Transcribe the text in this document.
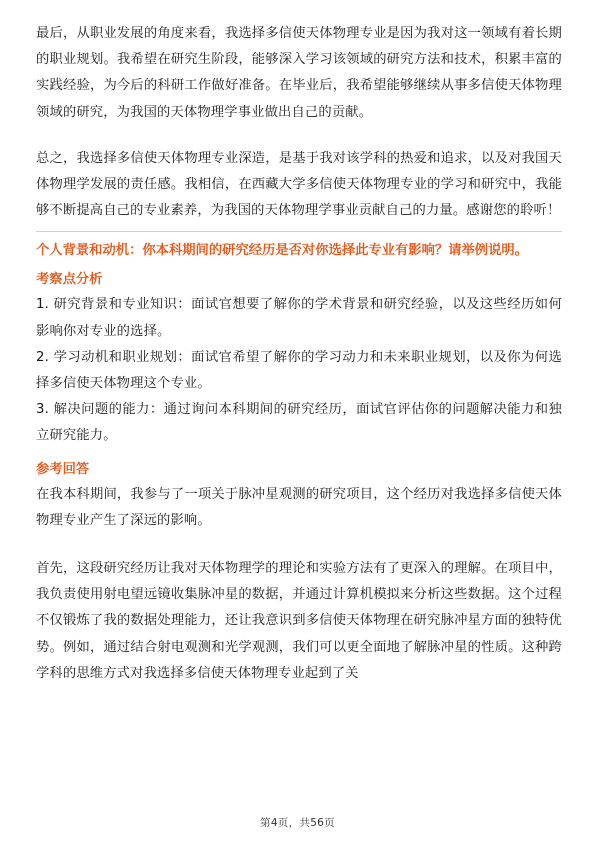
最后，从职业发展的角度来看，我选择多信使天体物理专业是因为我对这一领域有着长期的职业规划。我希望在研究生阶段，能够深入学习该领域的研究方法和技术，积累丰富的实践经验，为今后的科研工作做好准备。在毕业后，我希望能够继续从事多信使天体物理领域的研究，为我国的天体物理学事业做出自己的贡献。

总之，我选择多信使天体物理专业深造，是基于我对该学科的热爱和追求，以及对我国天体物理学发展的责任感。我相信，在西藏大学多信使天体物理专业的学习和研究中，我能够不断提高自己的专业素养，为我国的天体物理学事业贡献自己的力量。感谢您的聆听！

个人背景和动机：你本科期间的研究经历是否对你选择此专业有影响？请举例说明。
考察点分析

1. 研究背景和专业知识：面试官想要了解你的学术背景和研究经验，以及这些经历如何影响你对专业的选择。

2. 学习动机和职业规划：面试官希望了解你的学习动力和未来职业规划，以及你为何选择多信使天体物理这个专业。

3. 解决问题的能力：通过询问本科期间的研究经历，面试官评估你的问题解决能力和独立研究能力。

参考回答

在我本科期间，我参与了一项关于脉冲星观测的研究项目，这个经历对我选择多信使天体物理专业产生了深远的影响。

首先，这段研究经历让我对天体物理学的理论和实验方法有了更深入的理解。在项目中，我负责使用射电望远镜收集脉冲星的数据，并通过计算机模拟来分析这些数据。这个过程不仅锻炼了我的数据处理能力，还让我意识到多信使天体物理在研究脉冲星方面的独特优势。例如，通过结合射电观测和光学观测，我们可以更全面地了解脉冲星的性质。这种跨学科的思维方式对我选择多信使天体物理专业起到了关

第4页，共56页
